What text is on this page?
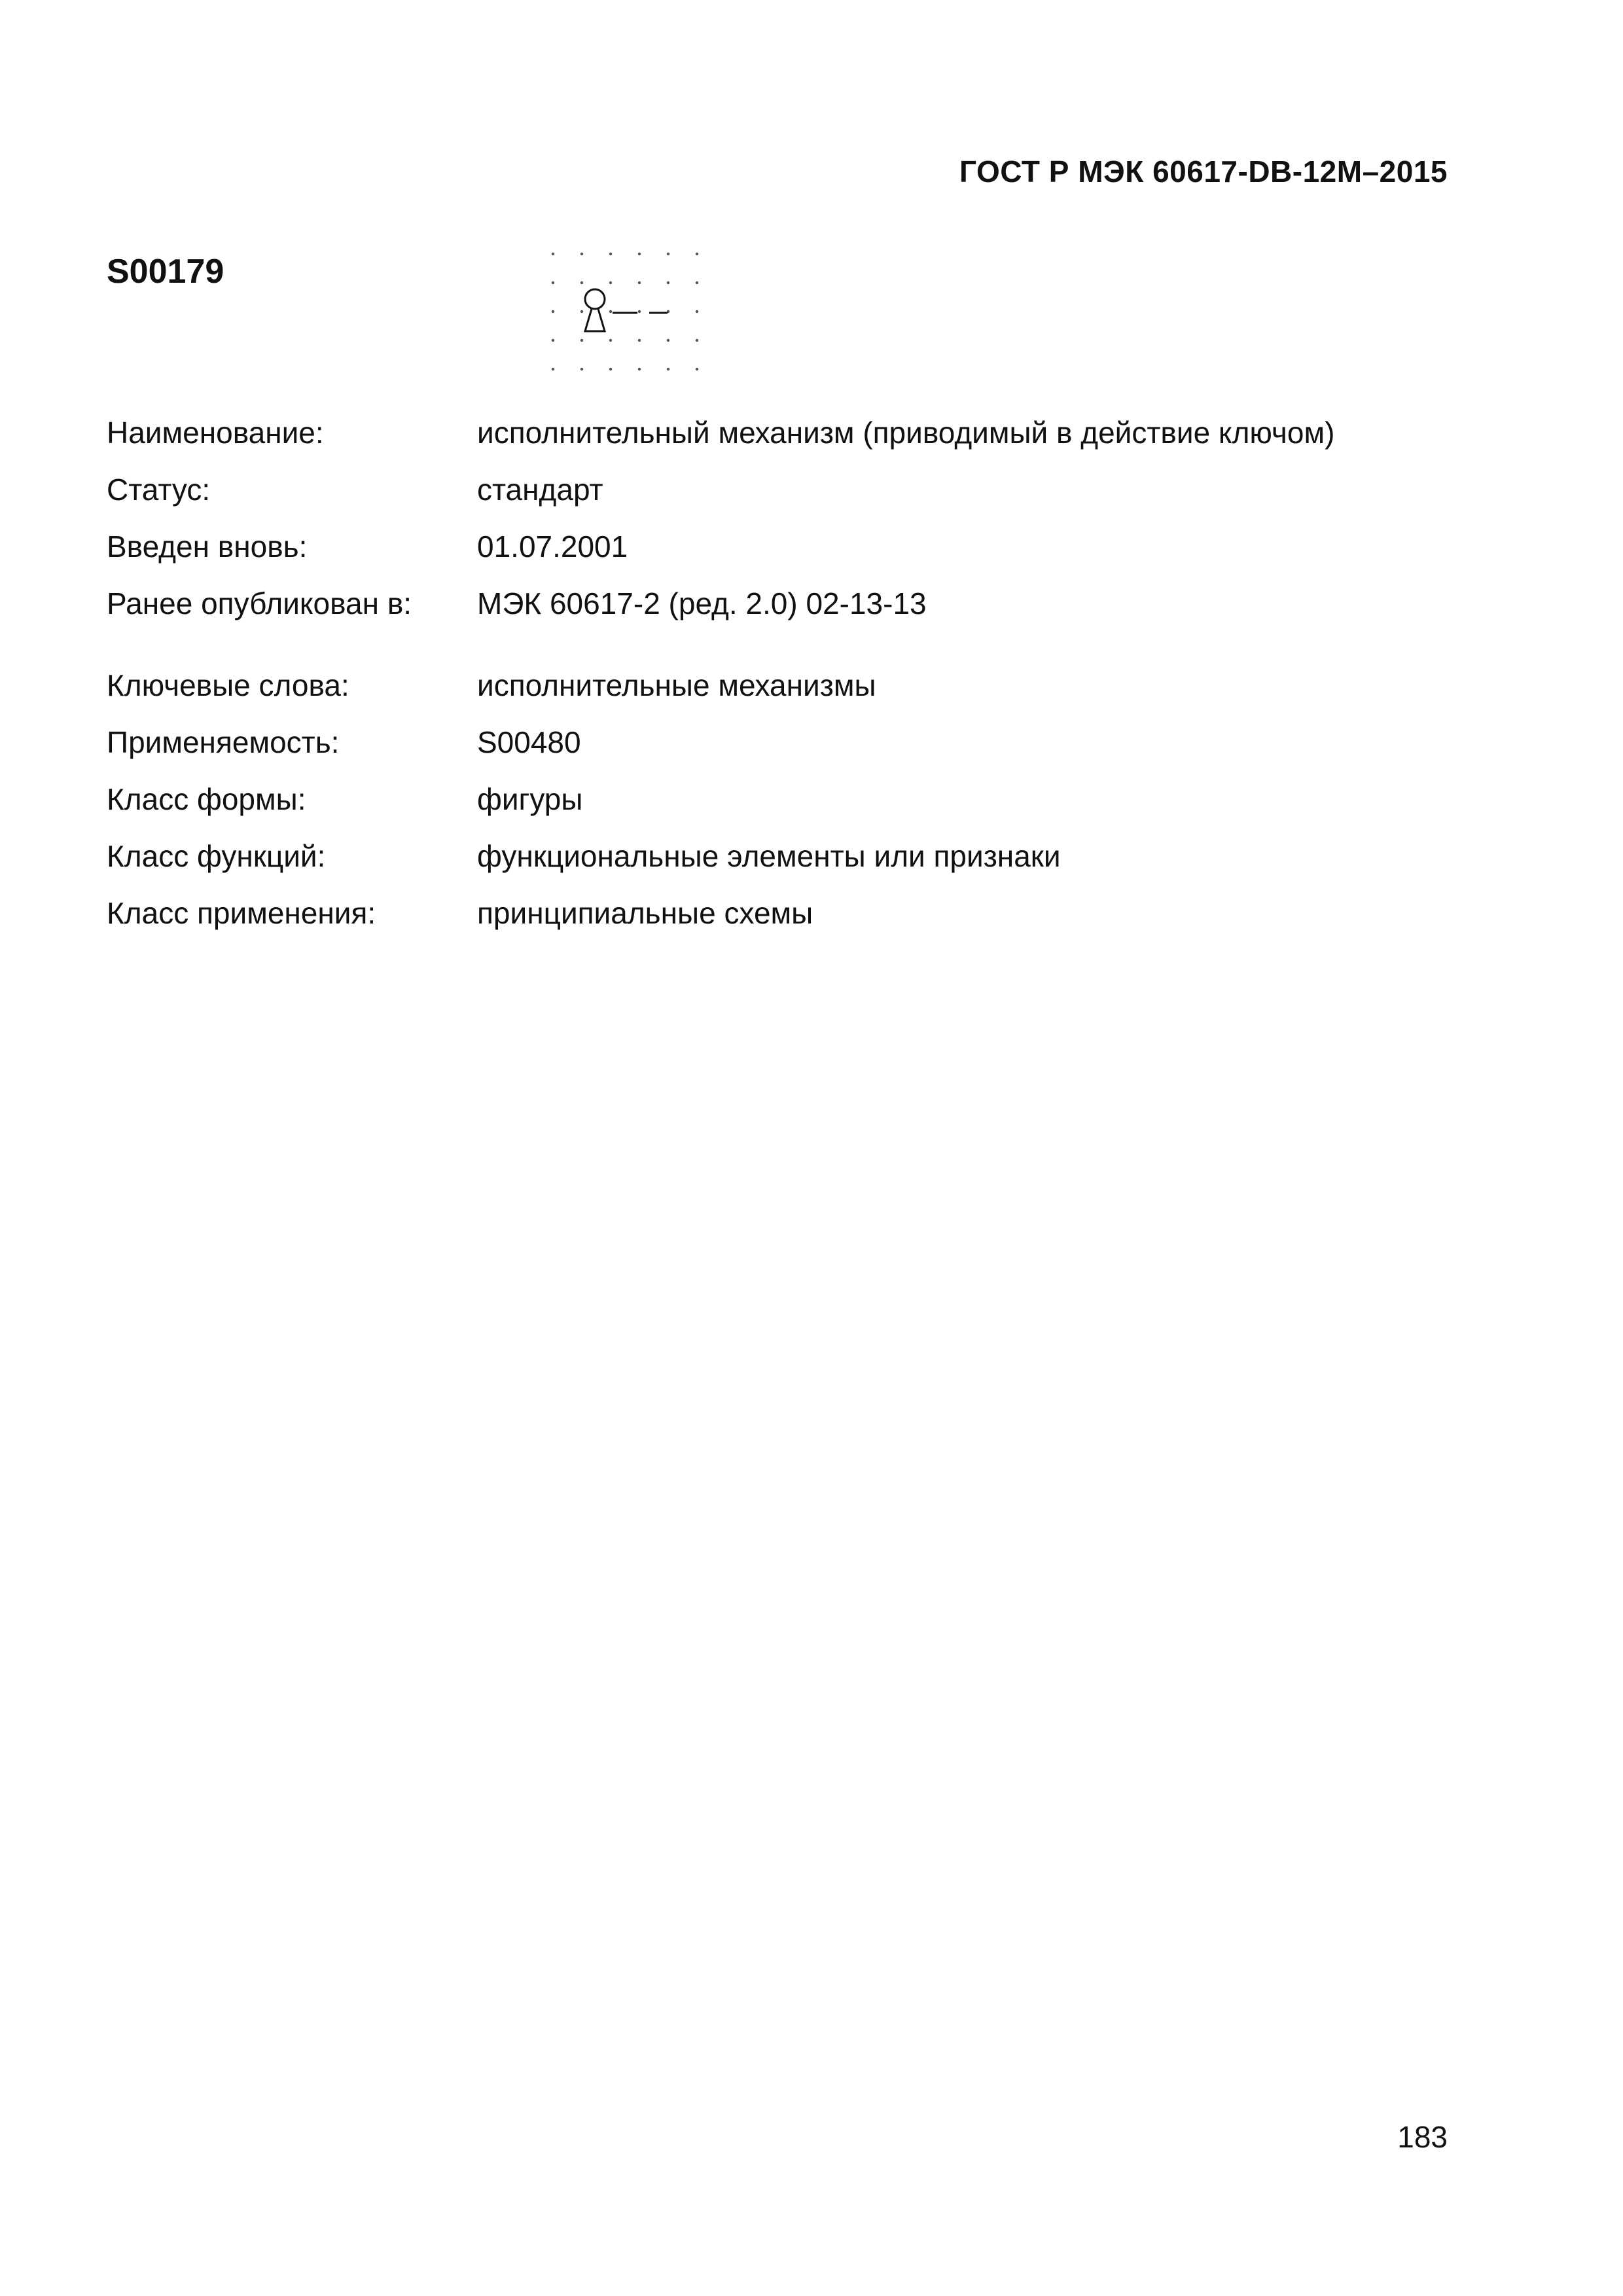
ГОСТ Р МЭК 60617-DB-12М–2015
S00179
Наименование:	исполнительный механизм (приводимый в действие ключом)
Статус:	стандарт
Введен вновь:	01.07.2001
Ранее опубликован в:	МЭК 60617-2 (ред. 2.0) 02-13-13
Ключевые слова:	исполнительные механизмы
Применяемость:	S00480
Класс формы:	фигуры
Класс функций:	функциональные элементы или признаки
Класс применения:	принципиальные схемы
183
